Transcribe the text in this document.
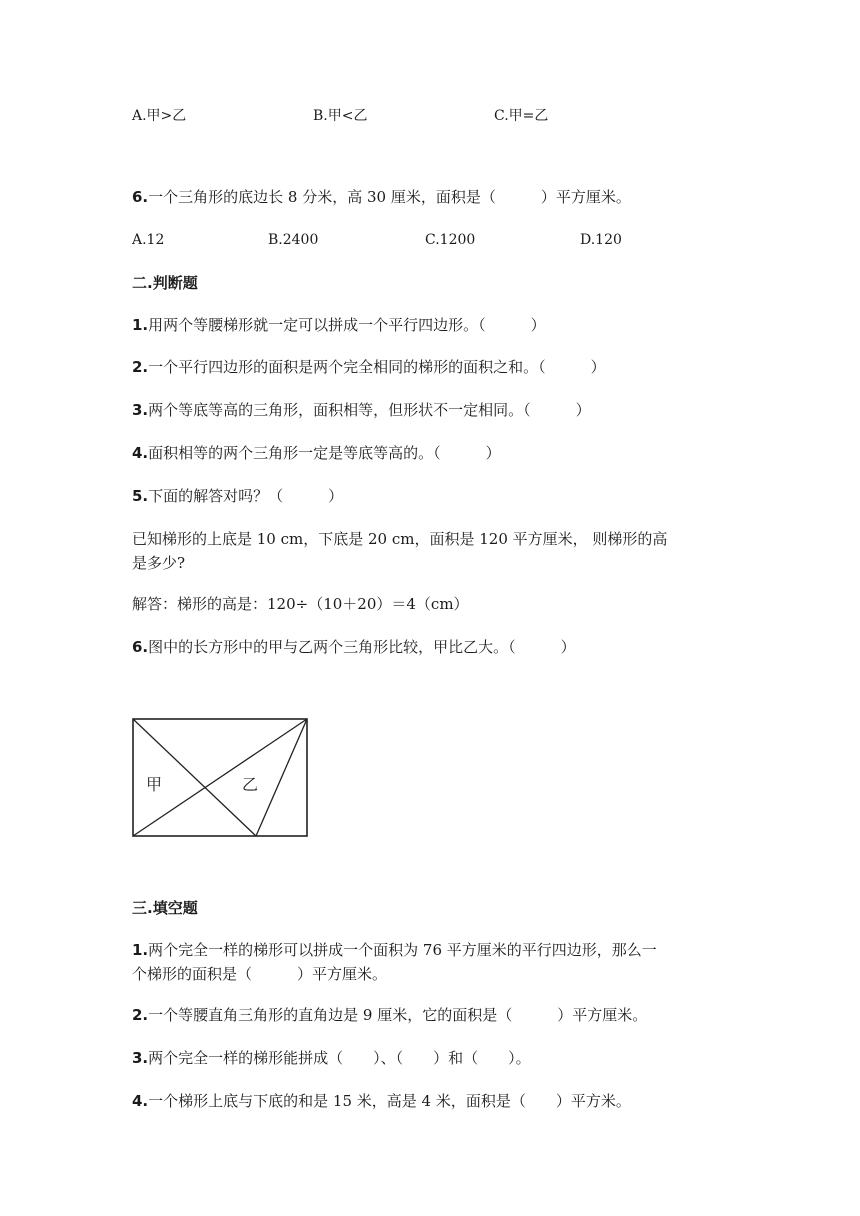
A.甲>乙	B.甲<乙	C.甲=乙
6.一个三角形的底边长 8 分米，高 30 厘米，面积是（　　　）平方厘米。
A.12	B.2400	C.1200	D.120
二.判断题
1.用两个等腰梯形就一定可以拼成一个平行四边形。（　　　）
2.一个平行四边形的面积是两个完全相同的梯形的面积之和。（　　　）
3.两个等底等高的三角形，面积相等，但形状不一定相同。（　　　）
4.面积相等的两个三角形一定是等底等高的。（　　　）
5.下面的解答对吗？（　　　）
已知梯形的上底是 10 cm，下底是 20 cm，面积是 120 平方厘米， 则梯形的高
是多少?
解答：梯形的高是：120÷（10＋20）＝4（cm）
6.图中的长方形中的甲与乙两个三角形比较，甲比乙大。（　　　）
甲	乙
三.填空题
1.两个完全一样的梯形可以拼成一个面积为 76 平方厘米的平行四边形，那么一
个梯形的面积是（　　　）平方厘米。
2.一个等腰直角三角形的直角边是 9 厘米，它的面积是（　　　）平方厘米。
3.两个完全一样的梯形能拼成（　　）、（　　）和（　　）。
4.一个梯形上底与下底的和是 15 米，高是 4 米，面积是（　　）平方米。
